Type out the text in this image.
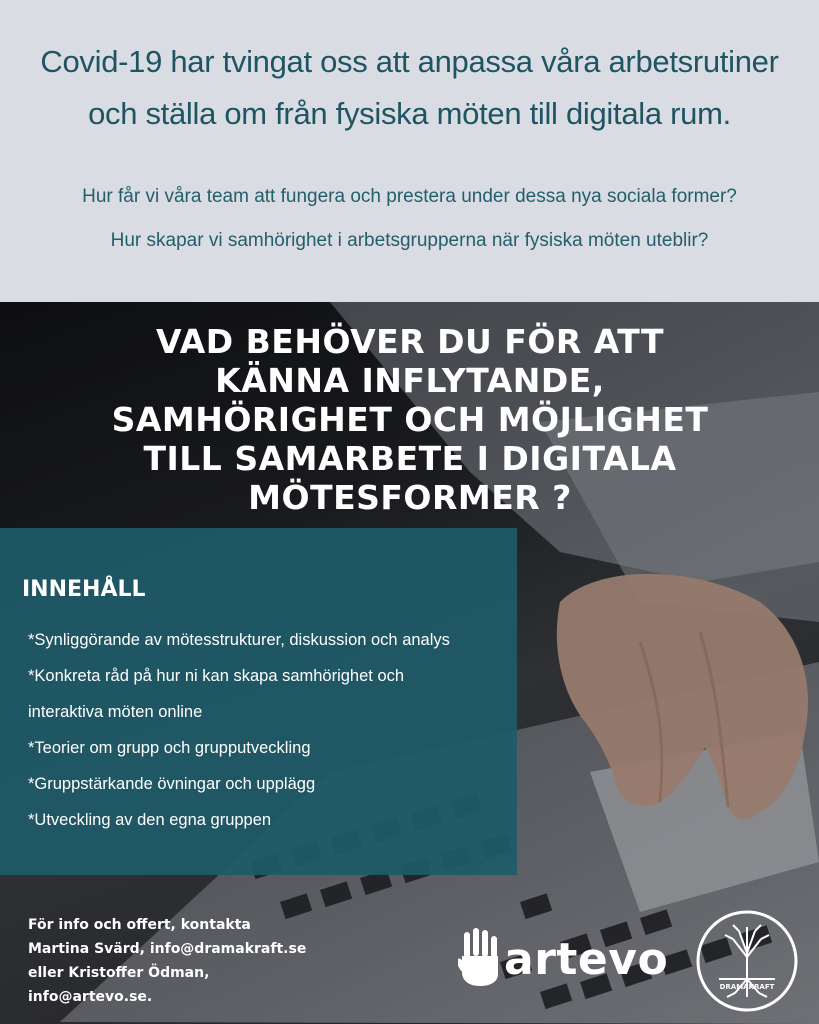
Covid-19 har tvingat oss att anpassa våra arbetsrutiner
och ställa om från fysiska möten till digitala rum.
Hur får vi våra team att fungera och prestera under dessa nya sociala former?
Hur skapar vi samhörighet i arbetsgrupperna när fysiska möten uteblir?
VAD BEHÖVER DU FÖR ATT
KÄNNA INFLYTANDE,
SAMHÖRIGHET OCH MÖJLIGHET
TILL SAMARBETE I DIGITALA
MÖTESFORMER ?
INNEHÅLL
*Synliggörande av mötesstrukturer, diskussion och analys
*Konkreta råd på hur ni kan skapa samhörighet och
interaktiva möten online
*Teorier om grupp och grupputveckling
*Gruppstärkande övningar och upplägg
*Utveckling av den egna gruppen
För info och offert, kontakta
Martina Svärd, info@dramakraft.se
eller Kristoffer Ödman,
info@artevo.se.
artevo
DRAMAKRAFT
